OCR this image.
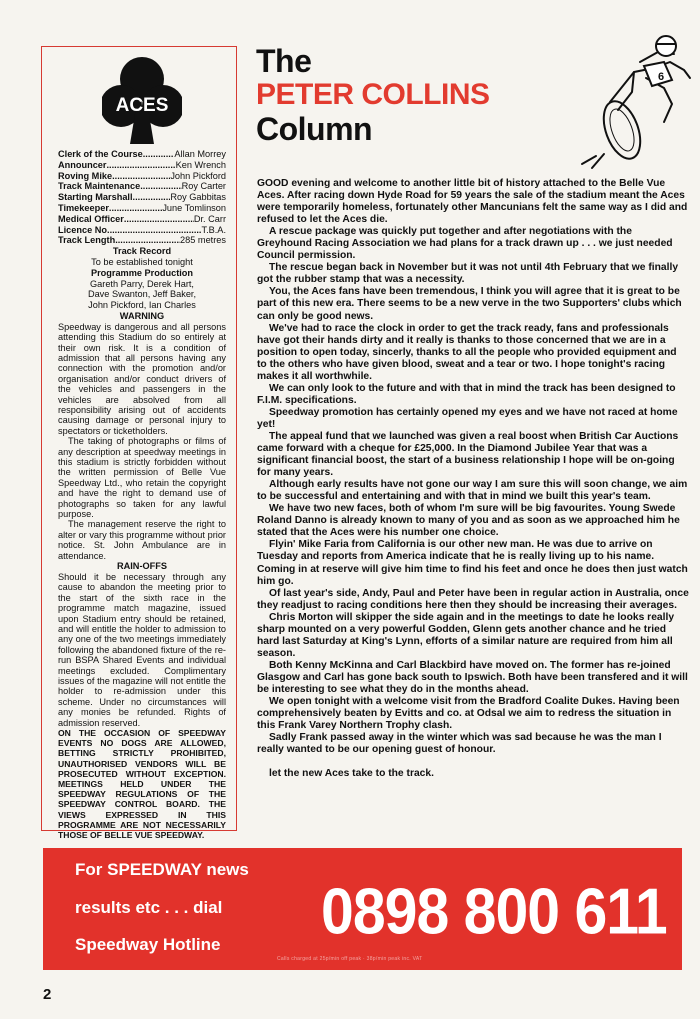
ACES
Clerk of the Course .....	Allan Morrey
Announcer .....	Ken Wrench
Roving Mike .....	John Pickford
Track Maintenance .....	Roy Carter
Starting Marshall .....	Roy Gabbitas
Timekeeper .....	June Tomlinson
Medical Officer .....	Dr. Carr
Licence No. .....	T.B.A.
Track Length .....	285 metres
Track Record
To be established tonight
Programme Production
Gareth Parry, Derek Hart,
Dave Swanton, Jeff Baker,
John Pickford, Ian Charles
WARNING

Speedway is dangerous and all persons attending this Stadium do so entirely at their own risk. It is a condition of admission that all persons having any connection with the promotion and/or organisation and/or conduct drivers of the vehicles and passengers in the vehicles are absolved from all responsibility arising out of accidents causing damage or personal injury to spectators or ticketholders.

The taking of photographs or films of any description at speedway meetings in this stadium is strictly forbidden without the written permission of Belle Vue Speedway Ltd., who retain the copyright and have the right to demand use of photographs so taken for any lawful purpose.

The management reserve the right to alter or vary this programme without prior notice. St. John Ambulance are in attendance.

RAIN-OFFS

Should it be necessary through any cause to abandon the meeting prior to the start of the sixth race in the programme match magazine, issued upon Stadium entry should be retained, and will entitle the holder to admission to any one of the two meetings immediately following the abandoned fixture of the re-run BSPA Shared Events and individual meetings excluded. Complimentary issues of the magazine will not entitle the holder to re-admission under this scheme. Under no circumstances will any monies be refunded. Rights of admission reserved.

ON THE OCCASION OF SPEEDWAY EVENTS NO DOGS ARE ALLOWED, BETTING STRICTLY PROHIBITED, UNAUTHORISED VENDORS WILL BE PROSECUTED WITHOUT EXCEPTION. MEETINGS HELD UNDER THE SPEEDWAY REGULATIONS OF THE SPEEDWAY CONTROL BOARD. THE VIEWS EXPRESSED IN THIS PROGRAMME ARE NOT NECESSARILY THOSE OF BELLE VUE SPEEDWAY.

The
PETER COLLINS
Column
6

GOOD evening and welcome to another little bit of history attached to the Belle Vue Aces. After racing down Hyde Road for 59 years the sale of the stadium meant the Aces were temporarily homeless, fortunately other Mancunians felt the same way as I did and refused to let the Aces die.

A rescue package was quickly put together and after negotiations with the Greyhound Racing Association we had plans for a track drawn up . . . we just needed Council permission.

The rescue began back in November but it was not until 4th February that we finally got the rubber stamp that was a necessity.

You, the Aces fans have been tremendous, I think you will agree that it is great to be part of this new era. There seems to be a new verve in the two Supporters' clubs which can only be good news.

We've had to race the clock in order to get the track ready, fans and professionals have got their hands dirty and it really is thanks to those concerned that we are in a position to open today, sincerly, thanks to all the people who provided equipment and to the others who have given blood, sweat and a tear or two. I hope tonight's racing makes it all worthwhile.

We can only look to the future and with that in mind the track has been designed to F.I.M. specifications.

Speedway promotion has certainly opened my eyes and we have not raced at home yet!

The appeal fund that we launched was given a real boost when British Car Auctions came forward with a cheque for £25,000. In the Diamond Jubilee Year that was a significant financial boost, the start of a business relationship I hope will be on-going for many years.

Although early results have not gone our way I am sure this will soon change, we aim to be successful and entertaining and with that in mind we built this year's team.

We have two new faces, both of whom I'm sure will be big favourites. Young Swede Roland Danno is already known to many of you and as soon as we approached him he stated that the Aces were his number one choice.

Flyin' Mike Faria from California is our other new man. He was due to arrive on Tuesday and reports from America indicate that he is really living up to his name. Coming in at reserve will give him time to find his feet and once he does then just watch him go.

Of last year's side, Andy, Paul and Peter have been in regular action in Australia, once they readjust to racing conditions here then they should be increasing their averages.

Chris Morton will skipper the side again and in the meetings to date he looks really sharp mounted on a very powerful Godden, Glenn gets another chance and he tried hard last Saturday at King's Lynn, efforts of a similar nature are required from him all season.

Both Kenny McKinna and Carl Blackbird have moved on. The former has re-joined Glasgow and Carl has gone back south to Ipswich. Both have been transfered and it will be interesting to see what they do in the months ahead.

We open tonight with a welcome visit from the Bradford Coalite Dukes. Having been comprehensively beaten by Evitts and co. at Odsal we aim to redress the situation in this Frank Varey Northern Trophy clash.

Sadly Frank passed away in the winter which was sad because he was the man I really wanted to be our opening guest of honour.

let the new Aces take to the track.

For SPEEDWAY news
results etc . . . dial
Speedway Hotline 0898 800 611
Calls charged at 25p/min off peak · 38p/min peak inc. VAT
2
